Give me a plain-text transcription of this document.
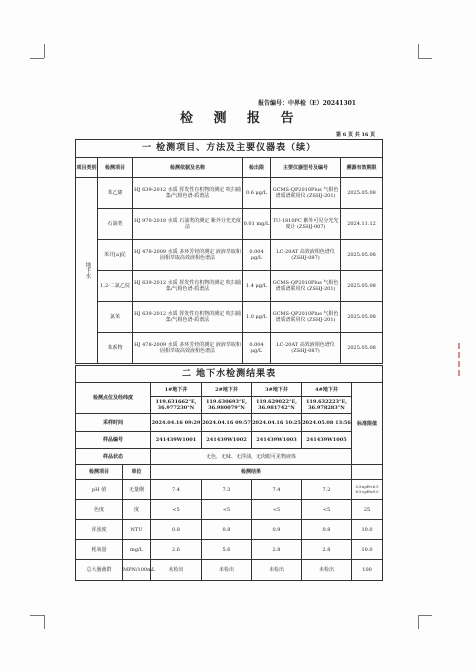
报告编号：中界检（E）20241301
检 测 报 告
第 6 页 共 16 页
一 检测项目、方法及主要仪器表（续）					
项目类别	检测项目	检测依据及名称	检出限	主要仪器型号及编号	溯源有效期限
地下水	苯乙烯	HJ 639-2012 水质 挥发性有机物的测定 吹扫捕集/气相色谱-质谱法	0.6 μg/L	GCMS-QP2010Plus 气相色谱质谱联用仪 (ZSHJ-201)	2025.05.08
	石油类	HJ 970-2018 水质 石油类的测定 紫外分光光度法	0.01 mg/L	TU-1810PC 紫外可见分光光度计 (ZSHJ-007)	2024.11.12
	苯并[a]芘	HJ 478-2009 水质 多环芳烃的测定 液液萃取和固相萃取高效液相色谱法	0.004 μg/L	LC-20AT 高效液相色谱仪 (ZSHJ-087)	2025.05.08
	1,2-二氯乙烷	HJ 639-2012 水质 挥发性有机物的测定 吹扫捕集/气相色谱-质谱法	1.4 μg/L	GCMS-QP2010Plus 气相色谱质谱联用仪 (ZSHJ-201)	2025.05.08
	氯苯	HJ 639-2012 水质 挥发性有机物的测定 吹扫捕集/气相色谱-质谱法	1.0 μg/L	GCMS-QP2010Plus 气相色谱质谱联用仪 (ZSHJ-201)	2025.05.08
	苯系物	HJ 478-2009 水质 多环芳烃的测定 液液萃取和固相萃取高效液相色谱法	0.004 μg/L	LC-20AT 高效液相色谱仪 (ZSHJ-087)	2025.05.08
二 地下水检测结果表							
检测点位及经纬度		1#地下井	2#地下井	3#地下井	4#地下井	标准限值	
		119.631662°E, 36.977230°N	119.630693°E, 36.980079°N	119.629022°E, 36.981742°N	119.632223°E, 36.978283°N		
采样时间		2024.04.16 09:29	2024.04.16 09:57	2024.04.16 10:25	2024.05.08 13:56		
样品编号		241439W1001	241439W1002	241439W1003	241439W1005		
样品状态		无色、无味、无浮油，无肉眼可见物液体					
检测项目	单位	检测结果					
pH 值	无量纲	7.4	7.3	7.4	7.2	5.5≤pH<6.5 8.5<pH≤9.0	
色度	度	<5	<5	<5	<5	25	
浑浊度	NTU	0.8	0.8	0.9	0.8	10.0	
耗氧量	mg/L	2.6	5.6	2.8	2.8	10.0	
总大肠菌群	MPN/100mL	未检出	未检出	未检出	未检出	100	
